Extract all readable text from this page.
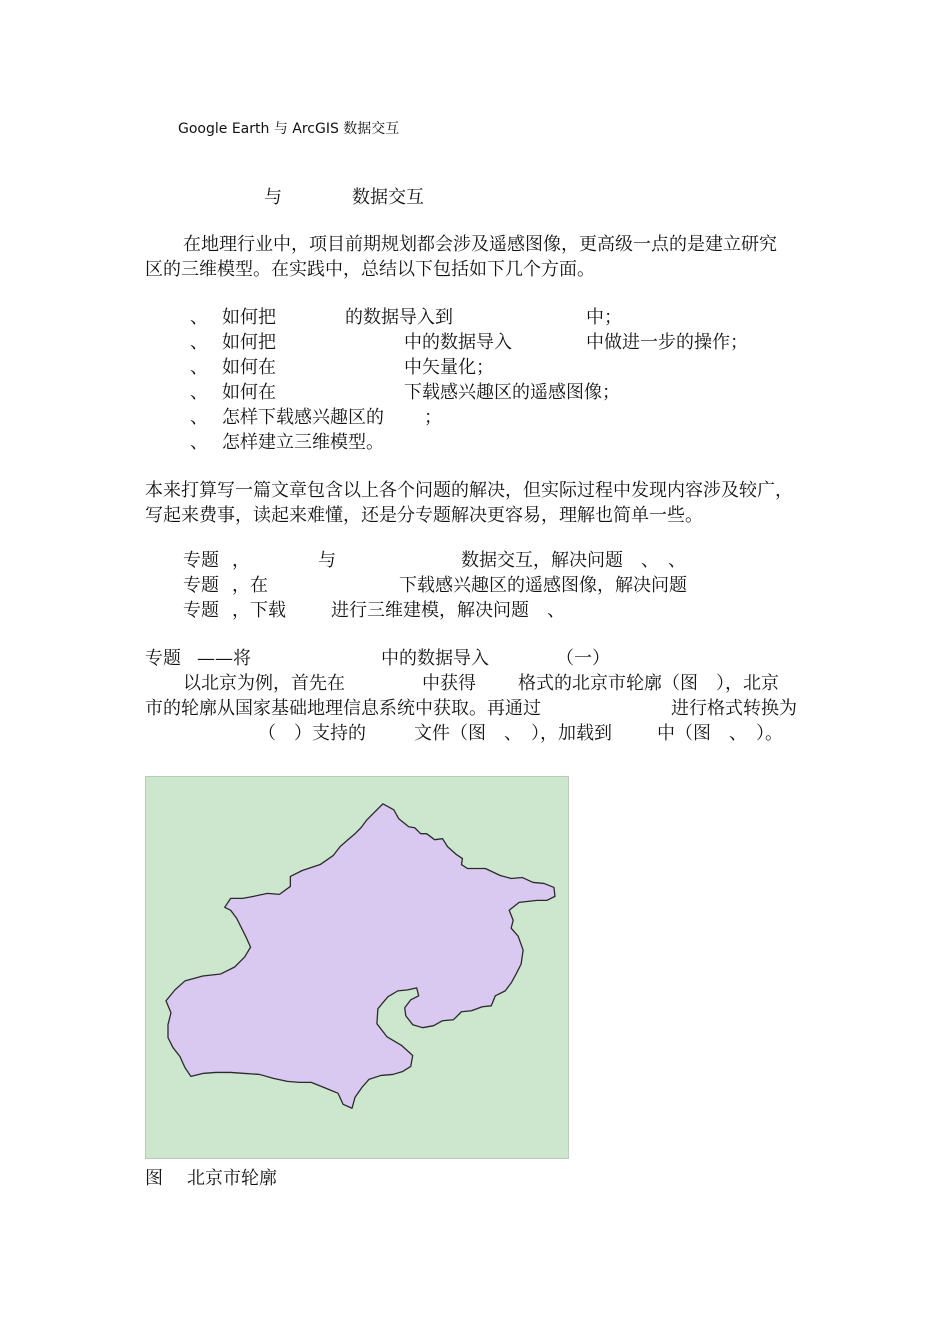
Google Earth 与 ArcGIS 数据交互
与	数据交互
在地理行业中，项目前期规划都会涉及遥感图像，更高级一点的是建立研究
区的三维模型。在实践中，总结以下包括如下几个方面。
、 如何把	的数据导入到	中；
、 如何把	中的数据导入	中做进一步的操作；
、 如何在	中矢量化；
、 如何在	下载感兴趣区的遥感图像；
、 怎样下载感兴趣区的 ；
、 怎样建立三维模型。
本来打算写一篇文章包含以上各个问题的解决，但实际过程中发现内容涉及较广，
写起来费事，读起来难懂，还是分专题解决更容易，理解也简单一些。
专题 ，	与	数据交互，解决问题　、　、
专题 ，在	下载感兴趣区的遥感图像，解决问题
专题 ，下载	进行三维建模，解决问题　、
专题 ——将	中的数据导入	（一）
以北京为例，首先在	中获得 格式的北京市轮廓（图　），北京
市的轮廓从国家基础地理信息系统中获取。再通过	进行格式转换为
（　）支持的	文件（图　、　），加载到	中（图　、　）。
图 北京市轮廓
